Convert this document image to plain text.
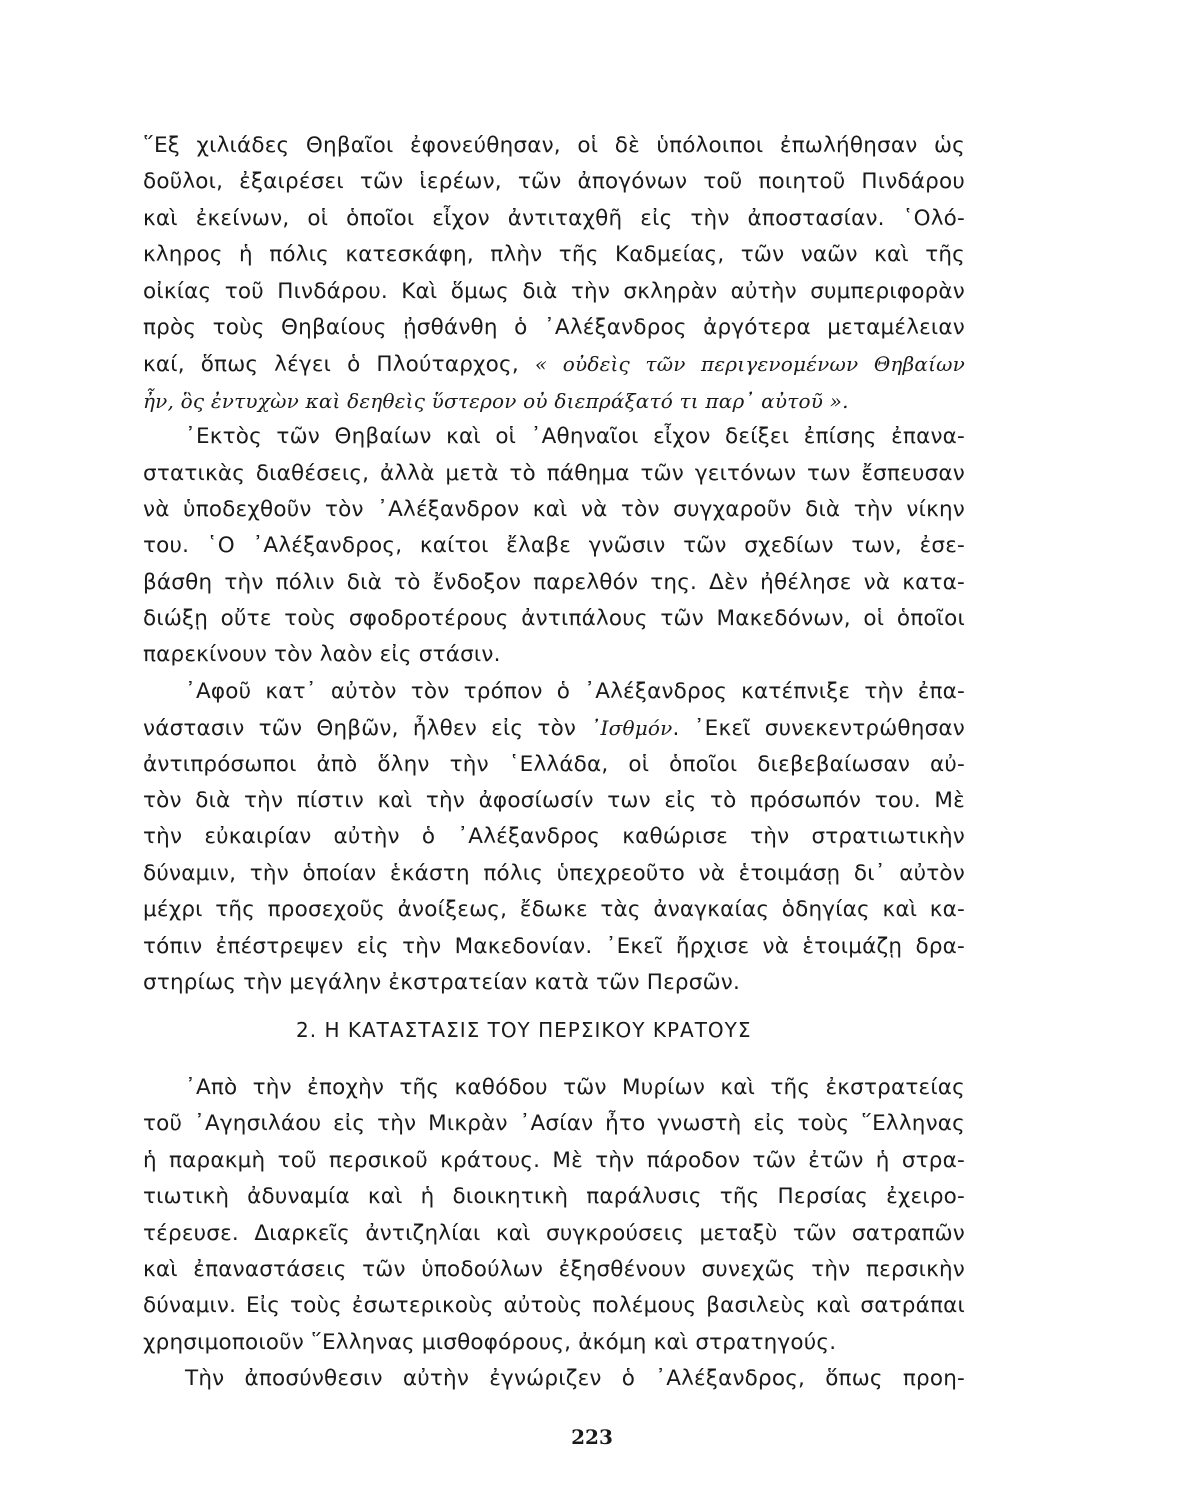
῞Εξ χιλιάδες Θηβαῖοι ἐφονεύθησαν, οἱ δὲ ὑπόλοιποι ἐπωλήθησαν ὡς
δοῦλοι, ἐξαιρέσει τῶν ἱερέων, τῶν ἀπογόνων τοῦ ποιητοῦ Πινδάρου
καὶ ἐκείνων, οἱ ὁποῖοι εἶχον ἀντιταχθῆ εἰς τὴν ἀποστασίαν. ῾Ολό-
κληρος ἡ πόλις κατεσκάφη, πλὴν τῆς Καδμείας, τῶν ναῶν καὶ τῆς
οἰκίας τοῦ Πινδάρου. Καὶ ὅμως διὰ τὴν σκληρὰν αὐτὴν συμπεριφορὰν
πρὸς τοὺς Θηβαίους ᾐσθάνθη ὁ ᾿Αλέξανδρος ἀργότερα μεταμέλειαν
καί, ὅπως λέγει ὁ Πλούταρχος, « οὐδεὶς τῶν περιγενομένων Θηβαίων
ἦν, ὃς ἐντυχὼν καὶ δεηθεὶς ὕστερον οὐ διεπράξατό τι παρ᾿ αὐτοῦ ».
᾿Εκτὸς τῶν Θηβαίων καὶ οἱ ᾿Αθηναῖοι εἶχον δείξει ἐπίσης ἐπανα-
στατικὰς διαθέσεις, ἀλλὰ μετὰ τὸ πάθημα τῶν γειτόνων των ἔσπευσαν
νὰ ὑποδεχθοῦν τὸν ᾿Αλέξανδρον καὶ νὰ τὸν συγχαροῦν διὰ τὴν νίκην
του. ῾Ο ᾿Αλέξανδρος, καίτοι ἔλαβε γνῶσιν τῶν σχεδίων των, ἐσε-
βάσθη τὴν πόλιν διὰ τὸ ἔνδοξον παρελθόν της. Δὲν ἠθέλησε νὰ κατα-
διώξῃ οὔτε τοὺς σφοδροτέρους ἀντιπάλους τῶν Μακεδόνων, οἱ ὁποῖοι
παρεκίνουν τὸν λαὸν εἰς στάσιν.
᾿Αφοῦ κατ᾿ αὐτὸν τὸν τρόπον ὁ ᾿Αλέξανδρος κατέπνιξε τὴν ἐπα-
νάστασιν τῶν Θηβῶν, ἦλθεν εἰς τὸν ᾿Ισθμόν. ᾿Εκεῖ συνεκεντρώθησαν
ἀντιπρόσωποι ἀπὸ ὅλην τὴν ῾Ελλάδα, οἱ ὁποῖοι διεβεβαίωσαν αὐ-
τὸν διὰ τὴν πίστιν καὶ τὴν ἀφοσίωσίν των εἰς τὸ πρόσωπόν του. Μὲ
τὴν εὐκαιρίαν αὐτὴν ὁ ᾿Αλέξανδρος καθώρισε τὴν στρατιωτικὴν
δύναμιν, τὴν ὁποίαν ἑκάστη πόλις ὑπεχρεοῦτο νὰ ἑτοιμάσῃ δι᾿ αὐτὸν
μέχρι τῆς προσεχοῦς ἀνοίξεως, ἔδωκε τὰς ἀναγκαίας ὁδηγίας καὶ κα-
τόπιν ἐπέστρεψεν εἰς τὴν Μακεδονίαν. ᾿Εκεῖ ἤρχισε νὰ ἑτοιμάζῃ δρα-
στηρίως τὴν μεγάλην ἐκστρατείαν κατὰ τῶν Περσῶν.
2. Η ΚΑΤΑΣΤΑΣΙΣ ΤΟΥ ΠΕΡΣΙΚΟΥ ΚΡΑΤΟΥΣ
᾿Απὸ τὴν ἐποχὴν τῆς καθόδου τῶν Μυρίων καὶ τῆς ἐκστρατείας
τοῦ ᾿Αγησιλάου εἰς τὴν Μικρὰν ᾿Ασίαν ἦτο γνωστὴ εἰς τοὺς ῞Ελληνας
ἡ παρακμὴ τοῦ περσικοῦ κράτους. Μὲ τὴν πάροδον τῶν ἐτῶν ἡ στρα-
τιωτικὴ ἀδυναμία καὶ ἡ διοικητικὴ παράλυσις τῆς Περσίας ἐχειρο-
τέρευσε. Διαρκεῖς ἀντιζηλίαι καὶ συγκρούσεις μεταξὺ τῶν σατραπῶν
καὶ ἐπαναστάσεις τῶν ὑποδούλων ἐξησθένουν συνεχῶς τὴν περσικὴν
δύναμιν. Εἰς τοὺς ἐσωτερικοὺς αὐτοὺς πολέμους βασιλεὺς καὶ σατράπαι
χρησιμοποιοῦν ῞Ελληνας μισθοφόρους, ἀκόμη καὶ στρατηγούς.
Τὴν ἀποσύνθεσιν αὐτὴν ἐγνώριζεν ὁ ᾿Αλέξανδρος, ὅπως προη-
223
